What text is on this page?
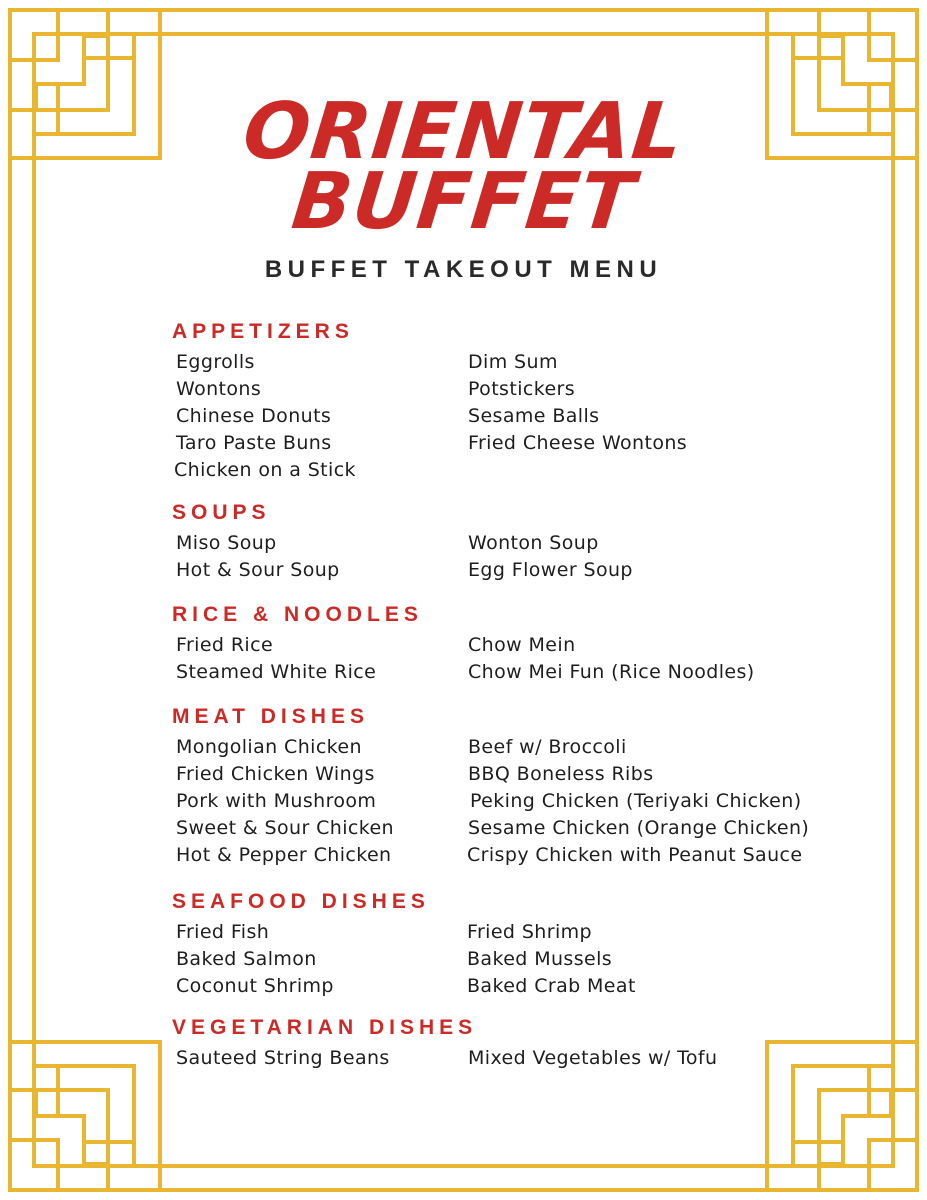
ORIENTAL
BUFFET
BUFFET TAKEOUT MENU
APPETIZERS
Eggrolls
Wontons
Chinese Donuts
Taro Paste Buns
Chicken on a Stick
Dim Sum
Potstickers
Sesame Balls
Fried Cheese Wontons
SOUPS
Miso Soup
Hot & Sour Soup
Wonton Soup
Egg Flower Soup
RICE & NOODLES
Fried Rice
Steamed White Rice
Chow Mein
Chow Mei Fun (Rice Noodles)
MEAT DISHES
Mongolian Chicken
Fried Chicken Wings
Pork with Mushroom
Sweet & Sour Chicken
Hot & Pepper Chicken
Beef w/ Broccoli
BBQ Boneless Ribs
Peking Chicken (Teriyaki Chicken)
Sesame Chicken (Orange Chicken)
Crispy Chicken with Peanut Sauce
SEAFOOD DISHES
Fried Fish
Baked Salmon
Coconut Shrimp
Fried Shrimp
Baked Mussels
Baked Crab Meat
VEGETARIAN DISHES
Sauteed String Beans	Mixed Vegetables w/ Tofu
